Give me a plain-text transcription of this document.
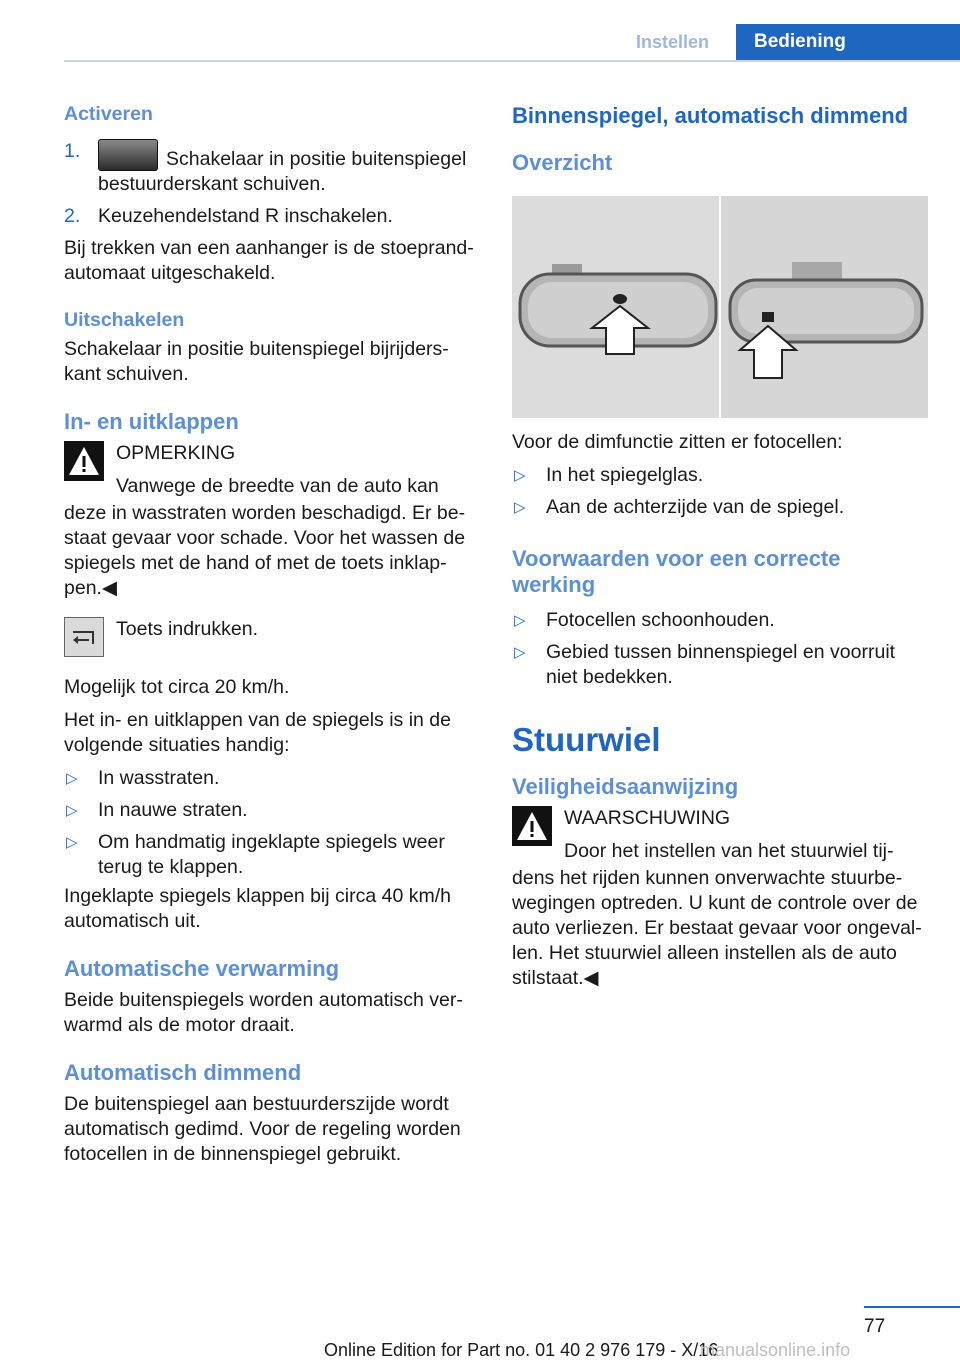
Instellen	Bediening
Activeren
1.	Schakelaar in positie buitenspiegel bestuurderskant schuiven.
2. Keuzehendelstand R inschakelen.

Bij trekken van een aanhanger is de stoeprand-automaat uitgeschakeld.

Uitschakelen

Schakelaar in positie buitenspiegel bijrijders-kant schuiven.

In- en uitklappen

OPMERKING

Vanwege de breedte van de auto kan

deze in wasstraten worden beschadigd. Er be-staat gevaar voor schade. Voor het wassen de spiegels met de hand of met de toets inklap-pen.◀

Toets indrukken.

Mogelijk tot circa 20 km/h.

Het in- en uitklappen van de spiegels is in de volgende situaties handig:

▷ In wasstraten.
▷ In nauwe straten.
▷ Om handmatig ingeklapte spiegels weer terug te klappen.

Ingeklapte spiegels klappen bij circa 40 km/h automatisch uit.

Automatische verwarming

Beide buitenspiegels worden automatisch ver-warmd als de motor draait.

Automatisch dimmend

De buitenspiegel aan bestuurderszijde wordt automatisch gedimd. Voor de regeling worden fotocellen in de binnenspiegel gebruikt.

Binnenspiegel, automatisch dimmend
Overzicht

Voor de dimfunctie zitten er fotocellen:

▷ In het spiegelglas.
▷ Aan de achterzijde van de spiegel.
Voorwaarden voor een correcte werking
▷ Fotocellen schoonhouden.
▷ Gebied tussen binnenspiegel en voorruit niet bedekken.
Stuurwiel
Veiligheidsaanwijzing

WAARSCHUWING

Door het instellen van het stuurwiel tij-

dens het rijden kunnen onverwachte stuurbe-wegingen optreden. U kunt de controle over de auto verliezen. Er bestaat gevaar voor ongeval-len. Het stuurwiel alleen instellen als de auto stilstaat.◀

77
Online Edition for Part no. 01 40 2 976 179 - X/16
manualsonline.info
